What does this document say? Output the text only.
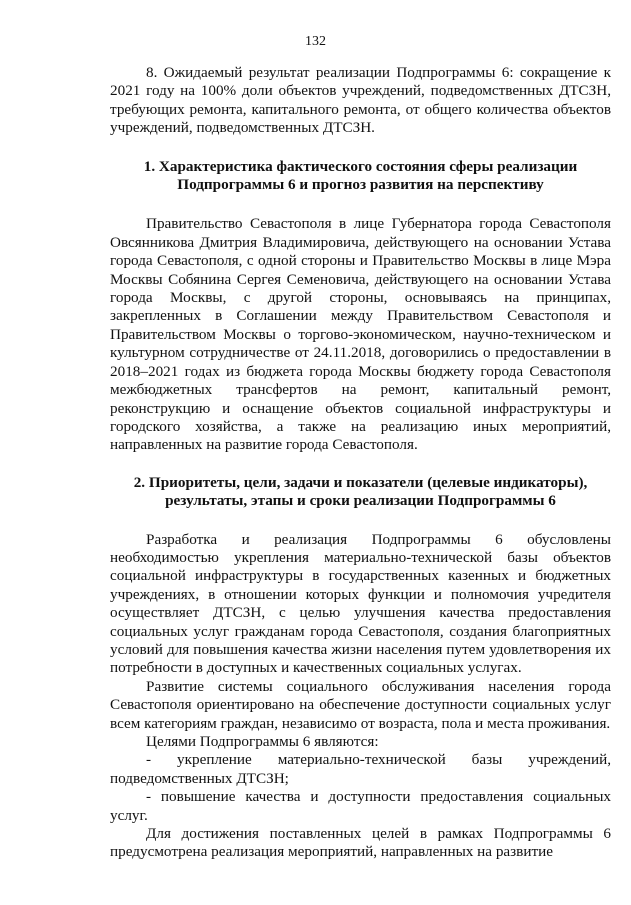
132

8. Ожидаемый результат реализации Подпрограммы 6: сокращение к 2021 году на 100% доли объектов учреждений, подведомственных ДТСЗН, требующих ремонта, капитального ремонта, от общего количества объектов учреждений, подведомственных ДТСЗН.

1. Характеристика фактического состояния сферы реализации
Подпрограммы 6 и прогноз развития на перспективу

Правительство Севастополя в лице Губернатора города Севастополя Овсянникова Дмитрия Владимировича, действующего на основании Устава города Севастополя, с одной стороны и Правительство Москвы в лице Мэра Москвы Собянина Сергея Семеновича, действующего на основании Устава города Москвы, с другой стороны, основываясь на принципах, закрепленных в Соглашении между Правительством Севастополя и Правительством Москвы о торгово-экономическом, научно-техническом и культурном сотрудничестве от 24.11.2018, договорились о предоставлении в 2018–2021 годах из бюджета города Москвы бюджету города Севастополя межбюджетных трансфертов на ремонт, капитальный ремонт, реконструкцию и оснащение объектов социальной инфраструктуры и городского хозяйства, а также на реализацию иных мероприятий, направленных на развитие города Севастополя.

2. Приоритеты, цели, задачи и показатели (целевые индикаторы),
результаты, этапы и сроки реализации Подпрограммы 6

Разработка и реализация Подпрограммы 6 обусловлены необходимостью укрепления материально-технической базы объектов социальной инфраструктуры в государственных казенных и бюджетных учреждениях, в отношении которых функции и полномочия учредителя осуществляет ДТСЗН, с целью улучшения качества предоставления социальных услуг гражданам города Севастополя, создания благоприятных условий для повышения качества жизни населения путем удовлетворения их потребности в доступных и качественных социальных услугах.

Развитие системы социального обслуживания населения города Севастополя ориентировано на обеспечение доступности социальных услуг всем категориям граждан, независимо от возраста, пола и места проживания.

Целями Подпрограммы 6 являются:

- укрепление материально-технической базы учреждений, подведомственных ДТСЗН;

- повышение качества и доступности предоставления социальных услуг.

Для достижения поставленных целей в рамках Подпрограммы 6 предусмотрена реализация мероприятий, направленных на развитие
